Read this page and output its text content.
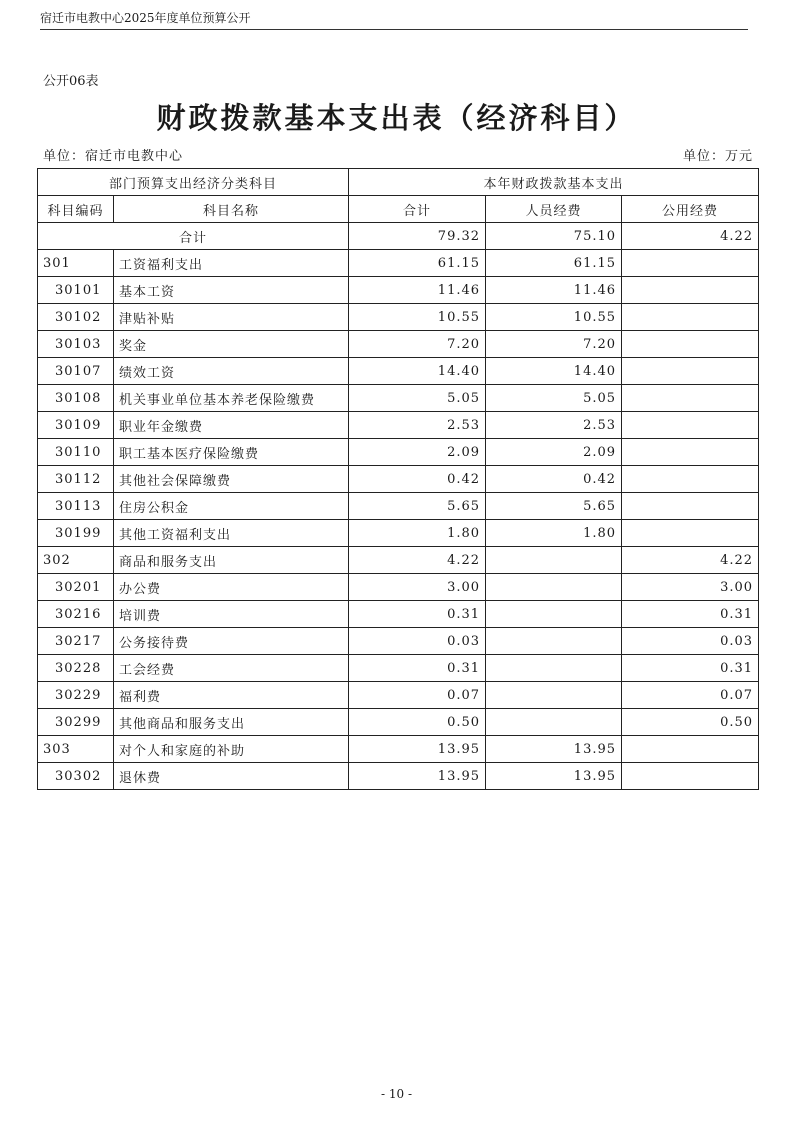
宿迁市电教中心2025年度单位预算公开
公开06表
财政拨款基本支出表（经济科目）
单位：宿迁市电教中心	单位：万元
部门预算支出经济分类科目		本年财政拨款基本支出		
科目编码	科目名称	合计	人员经费	公用经费
合计		79.32	75.10	4.22
301	工资福利支出	61.15	61.15	
30101	基本工资	11.46	11.46	
30102	津贴补贴	10.55	10.55	
30103	奖金	7.20	7.20	
30107	绩效工资	14.40	14.40	
30108	机关事业单位基本养老保险缴费	5.05	5.05	
30109	职业年金缴费	2.53	2.53	
30110	职工基本医疗保险缴费	2.09	2.09	
30112	其他社会保障缴费	0.42	0.42	
30113	住房公积金	5.65	5.65	
30199	其他工资福利支出	1.80	1.80	
302	商品和服务支出	4.22		4.22
30201	办公费	3.00		3.00
30216	培训费	0.31		0.31
30217	公务接待费	0.03		0.03
30228	工会经费	0.31		0.31
30229	福利费	0.07		0.07
30299	其他商品和服务支出	0.50		0.50
303	对个人和家庭的补助	13.95	13.95	
30302	退休费	13.95	13.95	
- 10 -
